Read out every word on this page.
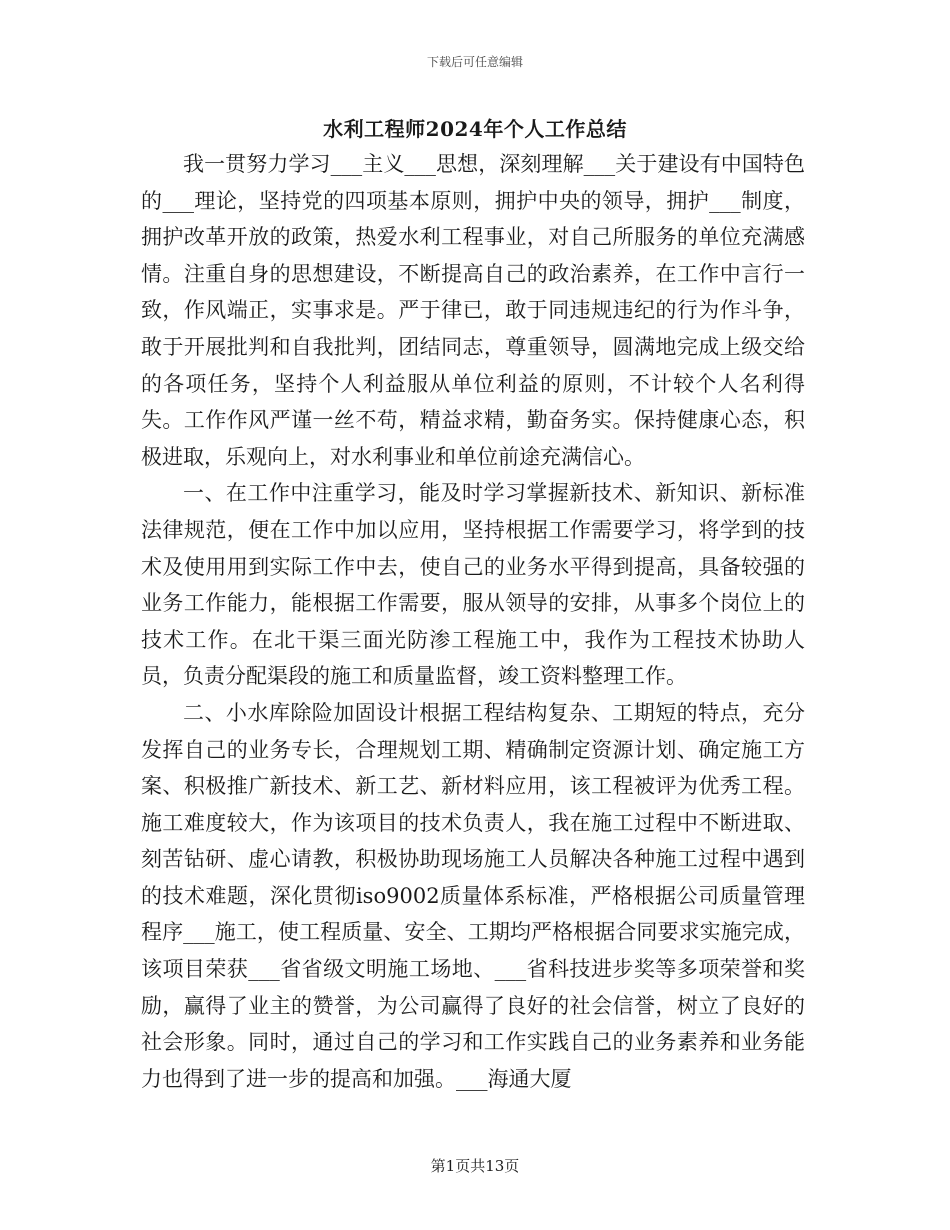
下载后可任意编辑
水利工程师2024年个人工作总结

我一贯努力学习___主义___思想，深刻理解___关于建设有中国特色的___理论，坚持党的四项基本原则，拥护中央的领导，拥护___制度，拥护改革开放的政策，热爱水利工程事业，对自己所服务的单位充满感情。注重自身的思想建设，不断提高自己的政治素养，在工作中言行一致，作风端正，实事求是。严于律已，敢于同违规违纪的行为作斗争，敢于开展批判和自我批判，团结同志，尊重领导，圆满地完成上级交给的各项任务，坚持个人利益服从单位利益的原则，不计较个人名利得失。工作作风严谨一丝不苟，精益求精，勤奋务实。保持健康心态，积极进取，乐观向上，对水利事业和单位前途充满信心。

一、在工作中注重学习，能及时学习掌握新技术、新知识、新标准法律规范，便在工作中加以应用，坚持根据工作需要学习，将学到的技术及使用用到实际工作中去，使自己的业务水平得到提高，具备较强的业务工作能力，能根据工作需要，服从领导的安排，从事多个岗位上的技术工作。在北干渠三面光防渗工程施工中，我作为工程技术协助人员，负责分配渠段的施工和质量监督，竣工资料整理工作。

二、小水库除险加固设计根据工程结构复杂、工期短的特点，充分发挥自己的业务专长，合理规划工期、精确制定资源计划、确定施工方案、积极推广新技术、新工艺、新材料应用，该工程被评为优秀工程。施工难度较大，作为该项目的技术负责人，我在施工过程中不断进取、刻苦钻研、虚心请教，积极协助现场施工人员解决各种施工过程中遇到的技术难题，深化贯彻iso9002质量体系标准，严格根据公司质量管理程序___施工，使工程质量、安全、工期均严格根据合同要求实施完成，该项目荣获___省省级文明施工场地、___省科技进步奖等多项荣誉和奖励，赢得了业主的赞誉，为公司赢得了良好的社会信誉，树立了良好的社会形象。同时，通过自己的学习和工作实践自己的业务素养和业务能力也得到了进一步的提高和加强。___海通大厦

第1页共13页
